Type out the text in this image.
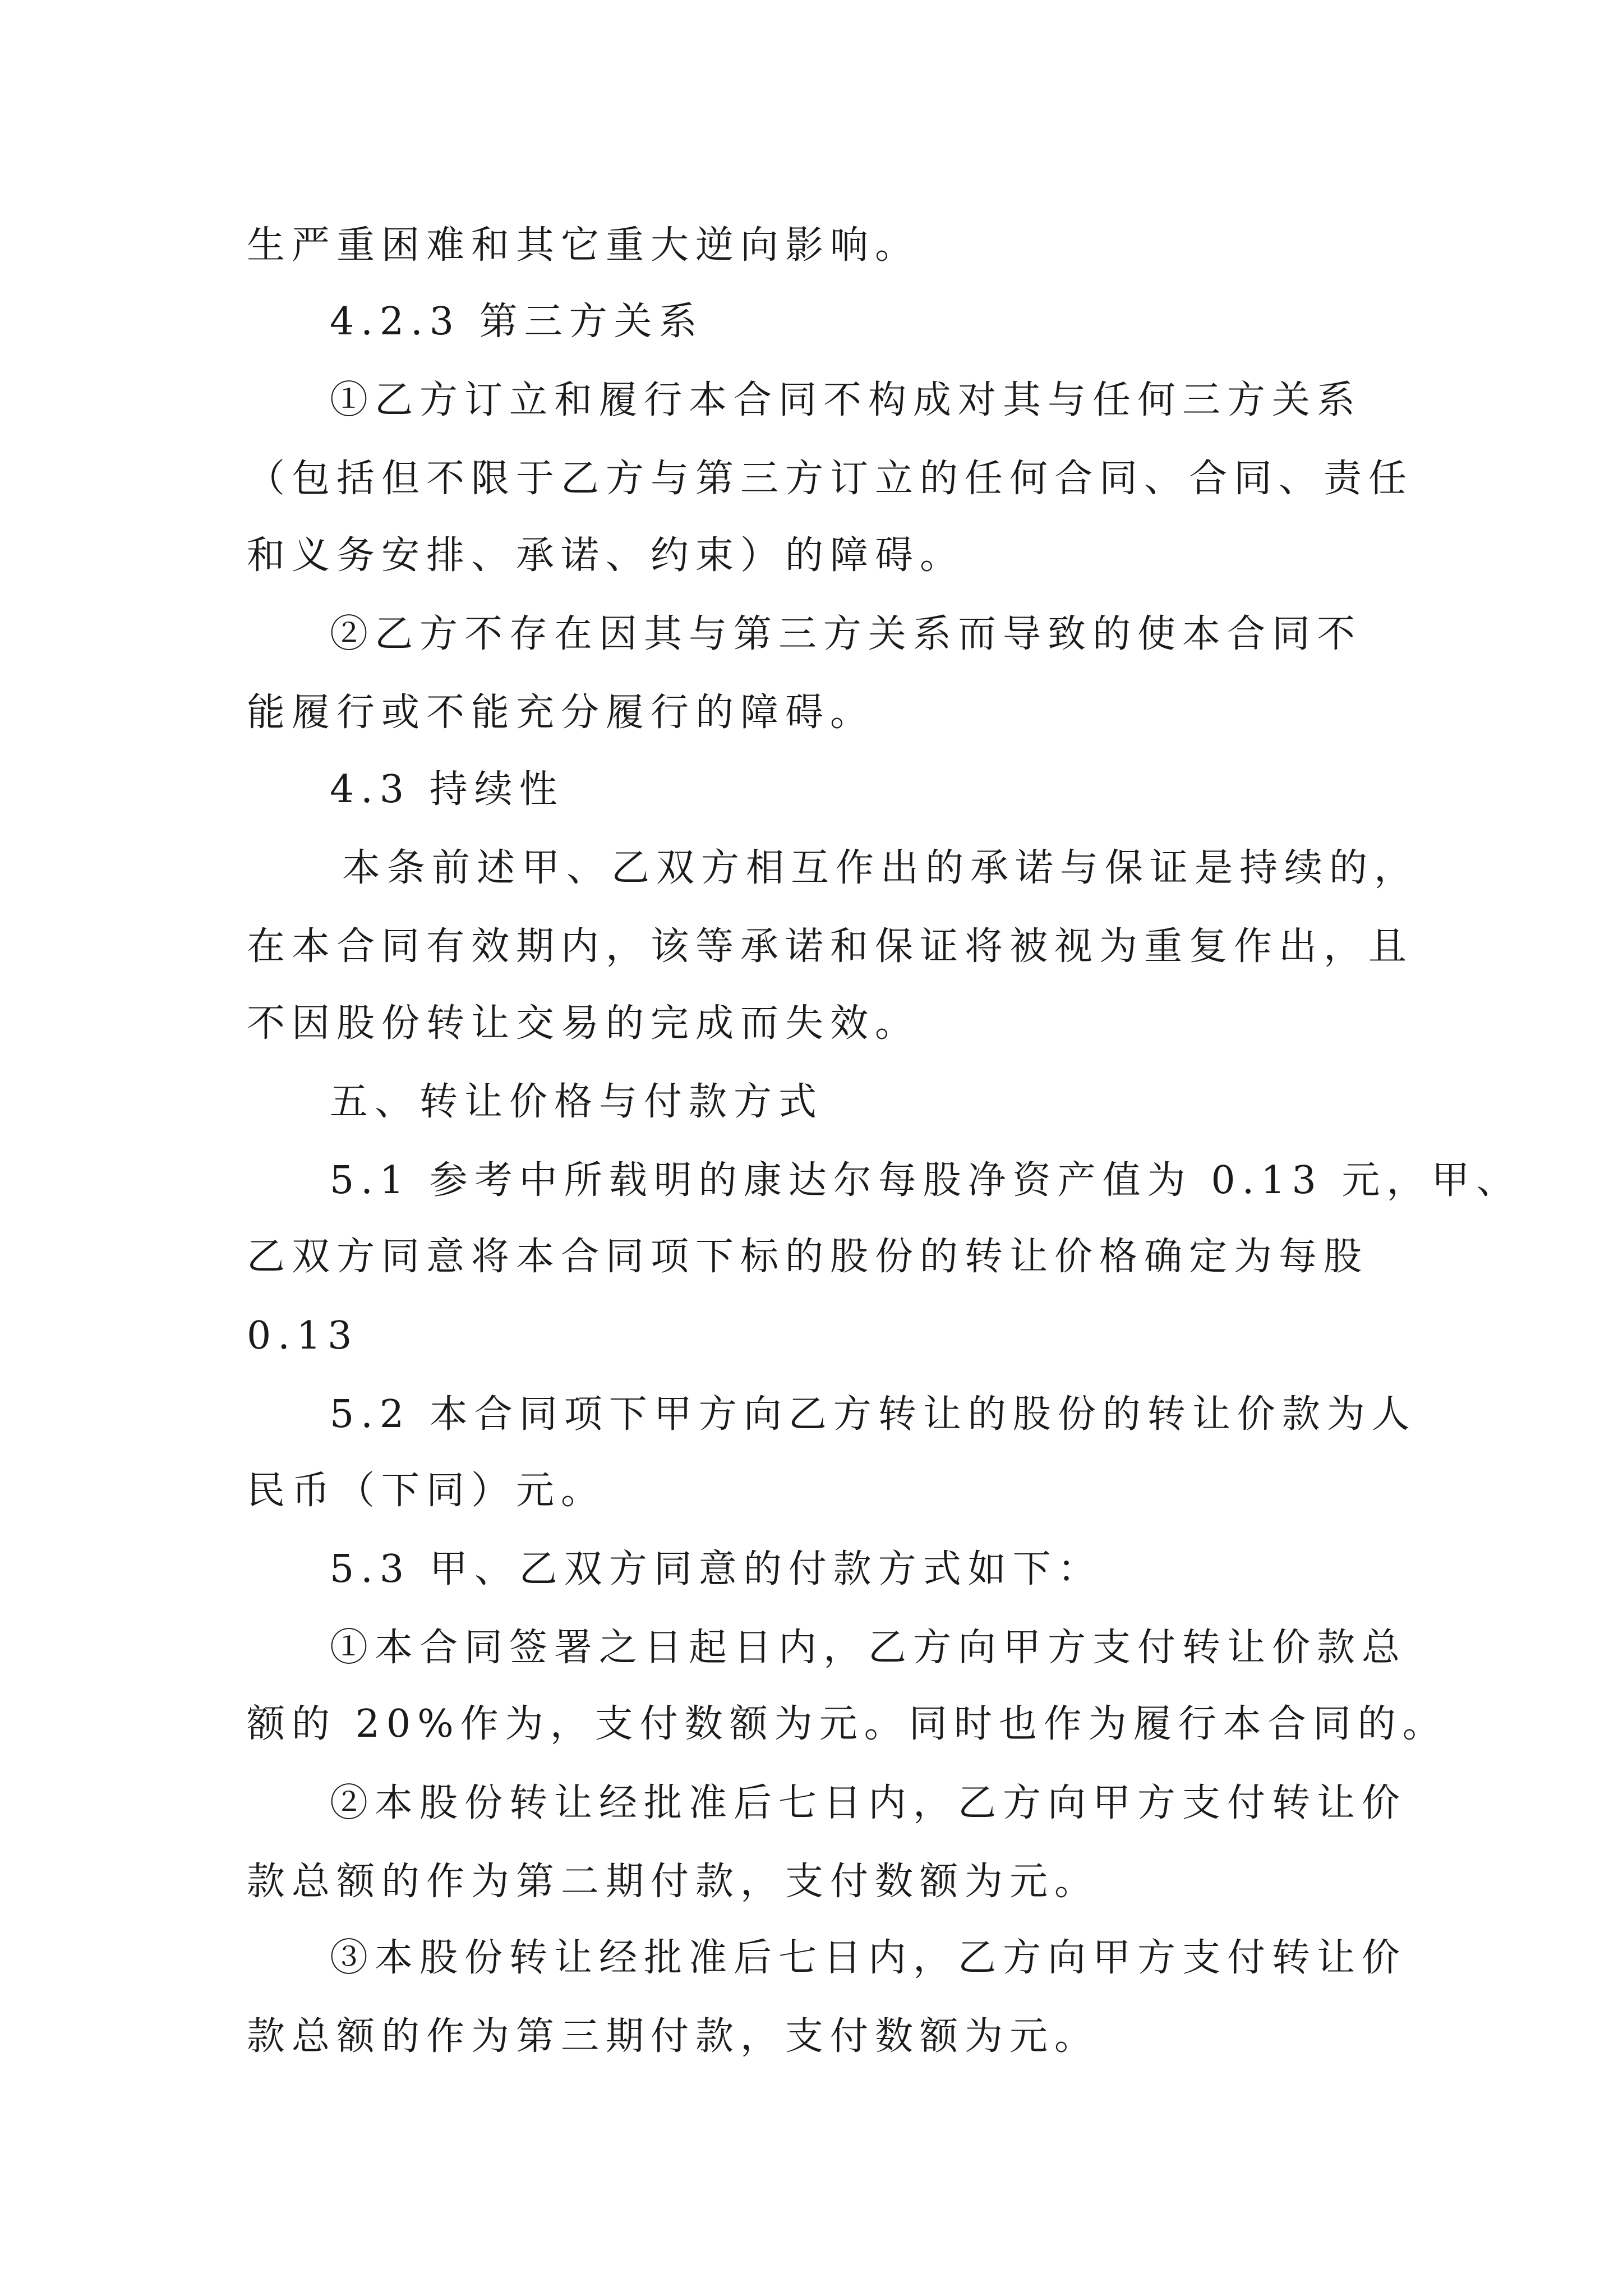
生严重困难和其它重大逆向影响。
4.2.3 第三方关系
①乙方订立和履行本合同不构成对其与任何三方关系
（包括但不限于乙方与第三方订立的任何合同、合同、责任
和义务安排、承诺、约束）的障碍。
②乙方不存在因其与第三方关系而导致的使本合同不
能履行或不能充分履行的障碍。
4.3 持续性
本条前述甲、乙双方相互作出的承诺与保证是持续的，
在本合同有效期内，该等承诺和保证将被视为重复作出，且
不因股份转让交易的完成而失效。
五、转让价格与付款方式
5.1 参考中所载明的康达尔每股净资产值为 0.13 元，甲、
乙双方同意将本合同项下标的股份的转让价格确定为每股
0.13
5.2 本合同项下甲方向乙方转让的股份的转让价款为人
民币（下同）元。
5.3 甲、乙双方同意的付款方式如下：
①本合同签署之日起日内，乙方向甲方支付转让价款总
额的 20%作为，支付数额为元。同时也作为履行本合同的。
②本股份转让经批准后七日内，乙方向甲方支付转让价
款总额的作为第二期付款，支付数额为元。
③本股份转让经批准后七日内，乙方向甲方支付转让价
款总额的作为第三期付款，支付数额为元。
